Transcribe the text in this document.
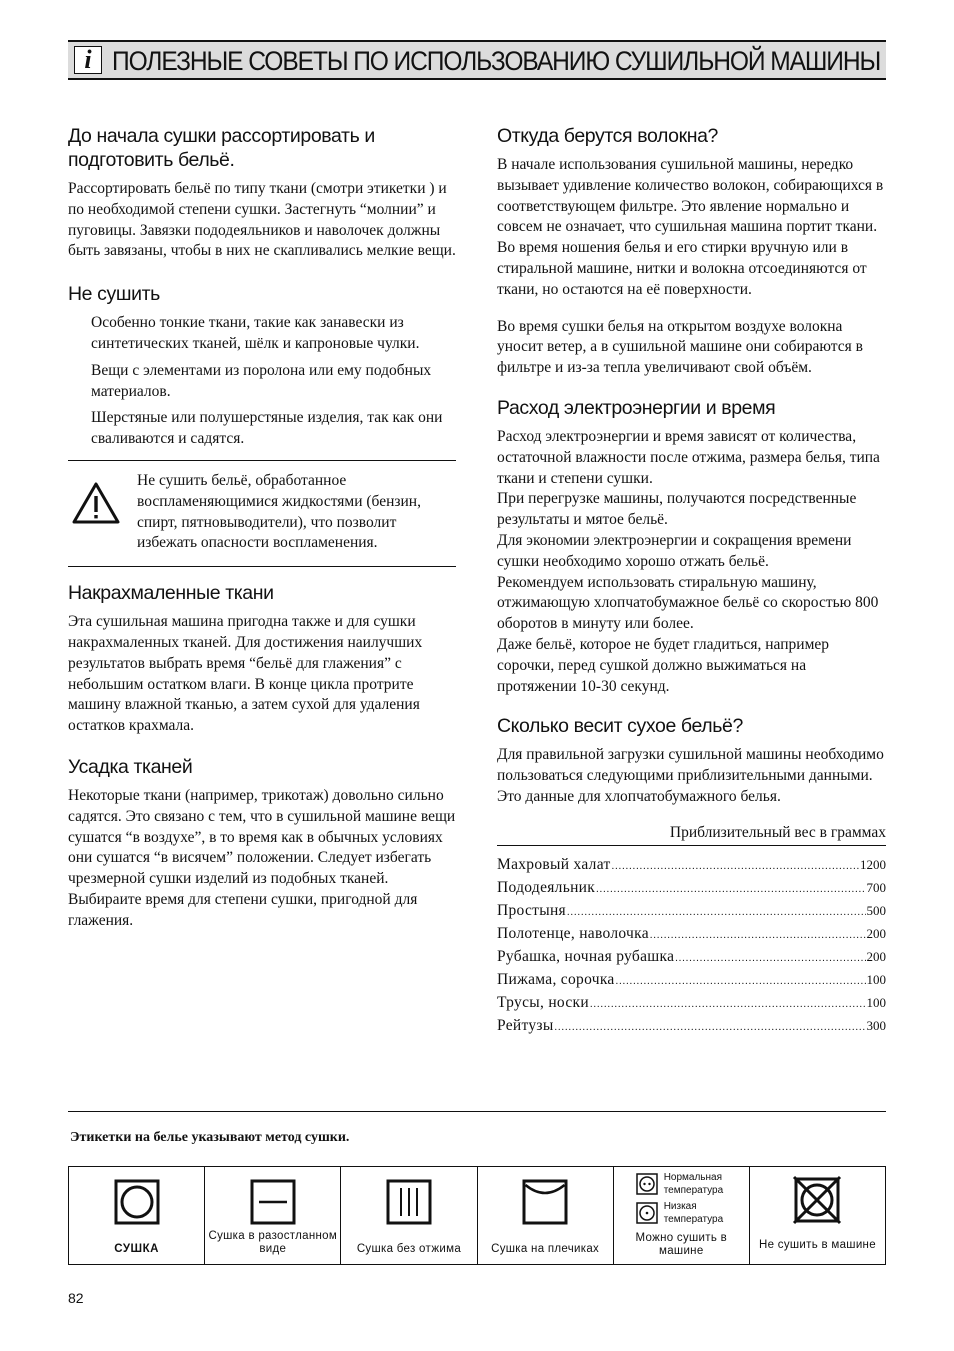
i ПОЛЕЗНЫЕ СОВЕТЫ ПО ИСПОЛЬЗОВАНИЮ СУШИЛЬНОЙ МАШИНЫ
До начала сушки рассортировать и подготовить бельё.

Рассортировать бельё по типу ткани (смотри этикетки ) и по необходимой степени сушки. Застегнуть “молнии” и пуговицы. Завязки пододеяльников и наволочек должны быть завязаны, чтобы в них не скапливались мелкие вещи.

Не сушить

Особенно тонкие ткани, такие как занавески из синтетических тканей, шёлк и капроновые чулки.

Вещи с элементами из поролона или ему подобных материалов.

Шерстяные или полушерстяные изделия, так как они сваливаются и садятся.

Не сушить бельё, обработанное воспламеняющимися жидкостями (бензин, спирт, пятновыводители), что позволит избежать опасности воспламенения.

Накрахмаленные ткани

Эта сушильная машина пригодна также и для сушки накрахмаленных тканей. Для достижения наилучших результатов выбрать время “бельё для глажения” с небольшим остатком влаги. В конце цикла протрите машину влажной тканью, а затем сухой для удаления остатков крахмала.

Усадка тканей

Некоторые ткани (например, трикотаж) довольно сильно садятся. Это связано с тем, что в сушильной машине вещи сушатся “в воздухе”, в то время как в обычных условиях они сушатся “в висячем” положении. Следует избегать чрезмерной сушки изделий из подобных тканей. Выбираите время для степени сушки, пригодной для глажения.

Откуда берутся волокна?

В начале использования сушильной машины, нередко вызывает удивление количество волокон, собирающихся в соответствующем фильтре. Это явление нормально и совсем не означает, что сушильная машина портит ткани. Во время ношения белья и его стирки вручную или в стиральной машине, нитки и волокна отсоединяются от ткани, но остаются на её поверхности.

Во время сушки белья на открытом воздухе волокна уносит ветер, а в сушильной машине они собираются в фильтре и из-за тепла увеличивают свой объём.

Расход электроэнергии и время

Расход электроэнергии и время зависят от количества, остаточной влажности после отжима, размера белья, типа ткани и степени сушки.

При перегрузке машины, получаются посредственные результаты и мятое бельё.

Для экономии электроэнергии и сокращения времени сушки необходимо хорошо отжать бельё.

Рекомендуем использовать стиральную машину, отжимающую хлопчатобумажное бельё со скоростью 800 оборотов в минуту или более.

Даже бельё, которое не будет гладиться, например сорочки, перед сушкой должно выжиматься на протяжении 10-30 секунд.

Сколько весит сухое бельё?

Для правильной загрузки сушильной машины необходимо пользоваться следующими приблизительными данными. Это данные для хлопчатобумажного белья.

Приблизительный вес в граммах
Махровый халат .....	1200
Пододеяльник .....	700
Простыня .....	500
Полотенце, наволочка .....	200
Рубашка, ночная рубашка .....	200
Пижама, сорочка .....	100
Трусы, носки .....	100
Рейтузы .....	300
Этикетки на белье указывают метод сушки.
СУШКА
Сушка в разостланном виде	Сушка без отжима	Сушка на плечиках
Нормальная температура
Низкая температура
Можно сушить в машине	Не сушить в машине
82
